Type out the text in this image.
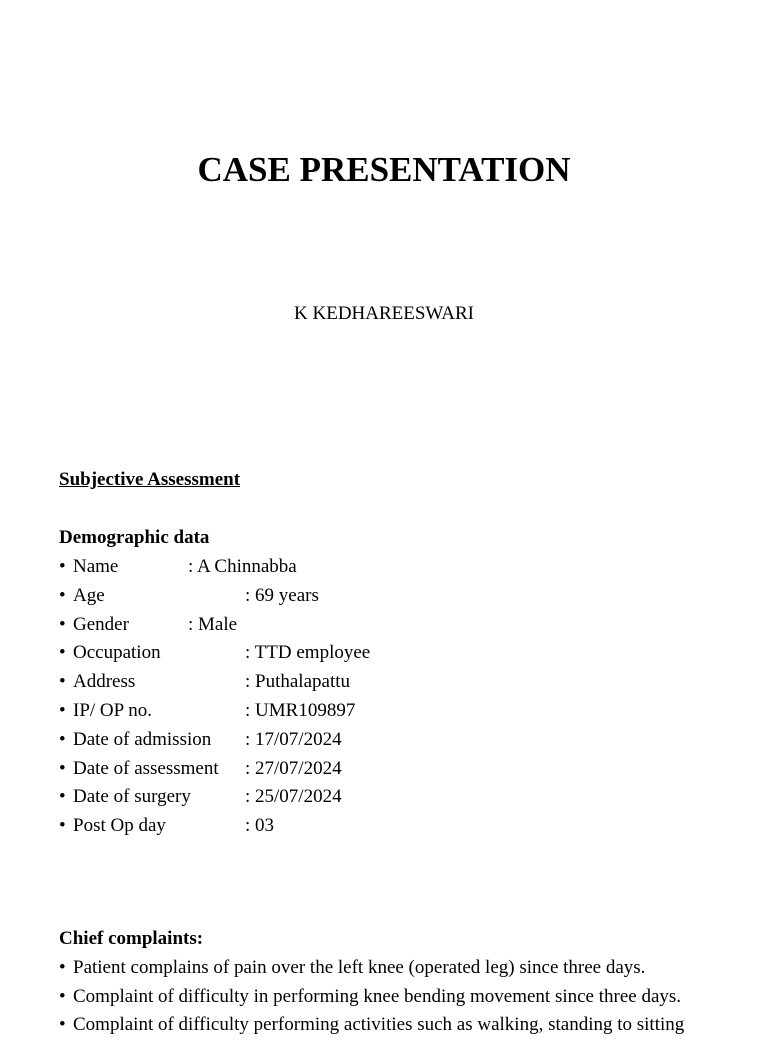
CASE PRESENTATION
K KEDHAREESWARI
Subjective Assessment
Demographic data
• Name	: A Chinnabba
• Age	: 69 years
• Gender	: Male
• Occupation	: TTD employee
• Address	: Puthalapattu
• IP/ OP no.	: UMR109897
• Date of admission : 17/07/2024
• Date of assessment : 27/07/2024
• Date of surgery	: 25/07/2024
• Post Op day	: 03
Chief complaints:
• Patient complains of pain over the left knee (operated leg) since three days.
• Complaint of difficulty in performing knee bending movement since three days.
• Complaint of difficulty performing activities such as walking, standing to sitting
